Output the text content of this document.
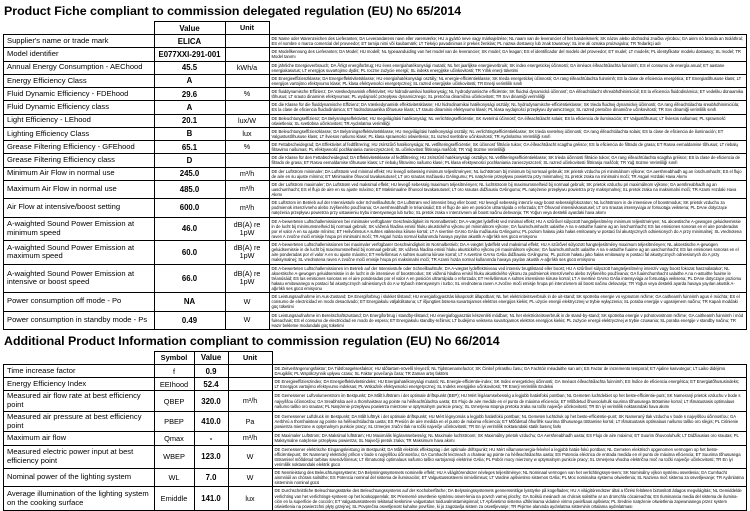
Product Fiche compliant to commission delegated regulation (EU) No 65/2014
	Value	Unit	
Supplier's name or trade mark	ELICA		DE Name oder Warenzeichen des Lieferanten; DA Leverandørens navn eller varemærke; HU a gyártó neve vagy márkajelzése; NL naam van de leverancier of het handelsmerk; SK názov alebo obchodná značka výrobcu; GA ainm nó branda an tsoláthraí; ES el nombre o marca comercial del proveedor; ET tarnija nimi või kaubamärk; LT Tiekėjo pavadinimas ir prekės ženklas; PL nazwa dostawcy lub znak towarowy; SL ime ali oznaka proizvajalca; TR Tedarikçi adı
Model identifier	E077XXI-291-001		DE Modellkennung des Lieferanten; DA Model; HU modell; NL typeaanduiding van het model van de leverancier; SK model; GA leagan; ES el identificador del modelo del proveedor; ET mudel; LT modelis; PL identyfikator modelu dostawcy; SL model; TR Model tanımı
Annual Energy Consumption - AEChood	45.5	kWh/a	DE jährliche Energieverbrauch; DA Årligt energiforbrug; HU éves energiahatékonysági mutató; NL het jaarlijkse energieverbruik; SK index energetickej účinnosti; GA innéacs éifeachtúlachta fuinnimh; ES el consumo de energía anual; ET aastane energiakasutus; LT energijos suvartojimo dydis; PL roczne zużycie energii; SL indeks energijske učinkovitosti; TR Yıllık enerji tüketimi
Energy Efficiency Class	A		DE Energieeffizienzklasse; DA Energieffektivitetsklasse; HU energiahatékonysági osztály; NL energie-efficiëntieklasse; SK trieda energetickej účinnosti; GA rang éifeachtúlachta fuinnimh; ES la clase de eficiencia energética; ET Energiatõhususe klass; LT energijos vartojimo efektyvumo klasė; PL klasa efektywności energetycznej; SL razred energijske učinkovitosti; TR Enerji verimlilik sınıfı
Fluid Dynamic Efficiency - FDEhood	29.6	%	DE fluiddynamische Effizienz; DA Væskedynamisk effektivitet; HU hidrodinamikai hatékonyság; NL hydrodynamische efficiëntie; SK fluidná dynamická účinnosť; GA éifeachtúlacht shreabhdhinimiciúil; ES la eficiencia fluidodinámica; ET vedeliku dünaamika tõhusus; LT srauto dinaminis efektyvumas; PL wydajność przepływu dynamicznego; SL pretočna dinamična učinkovitost; TR Sıvı dinamiği verimliliği
Fluid Dynamic Efficiency class	A		DE die Klasse für die fluiddynamische Effizienz; DA Væskedynamisk effektivitetsklasse; HU hidrodinamikai hatékonysági osztály; NL hydrodynamische-efficiëntieklasse; SK trieda fluidnej dynamickej účinnosti; GA rang éifeachtúlachta sreabhdhinimiciúla; ES la clase de eficiencia fluidodinámica; ET hüdrodünaamika tõhususe klass; LT srauto dinaminio efektyvumo klasė; PL klasa wydajności przepływu dynamicznego; SL razred pretočne dinamične učinkovitosti; TR Sıvı dinamiği verimlilik sınıfı
Light Efficiency - LEhood	20.1	lux/W	DE Beleuchtungseffizienz; DA Belysningseffektivitet; HU megvilágítási hatékonyság; NL verlichtingsefficiëntie; SK svetelná účinnosť; GA éifeachtúlacht solais; ES la eficiencia de iluminación; ET Valgustõhusus; LT šviesos našumas; PL sprawność oświetlenia; SL svetlobna učinkovitost; TR Aydınlatma verimliliği
Lighting Efficiency Class	B	lux	DE Beleuchtungseffizienzklasse; DA Belysningseffektivitetsklasse; HU megvilágítási hatékonysági osztály; NL verlichtingsefficiëntieklasse; SK trieda svetelnej účinnosti; GA rang éifeachtúlachta solais; ES la clase de eficiencia de iluminación; ET Valgustustõhususe klass; LT šviesos našumo klasė; PL klasa sprawności oświetlenia; SL razred svetlobne učinkovitosti; TR Aydınlatma Verimliliği sınıfı
Grease Filtering Efficiency - GFEhood	65.1	%	DE Fettabscheidegrad; DA Effektivitet af fedtfiltrering; HU zsírszűrő hatékonysága; NL vetfilteringsefficiëntie; SK účinnosť filtrácie tukov; GA éifeachtúlacht scagtha gréisce; ES la eficiencia de filtrado de grasa; ET Rasva eemaldamise tõhusus; LT riebalų filtravimo našumas; PL efektywność pochłaniania zanieczyszczeń; SL učinkovitost filtriranja maščob; TR Yağ Süzme Verimliliği
Grease Filtering Efficiency class	D		DE die Klasse für den Fettabscheidegrad; DA Effektivitetsklasse af fedtfiltrering; HU zsírszűrő hatékonysági osztálya; NL vetfilteringsefficiëntieklasse; SK trieda účinnosti filtrácie tukov; GA rang éifeachtúlachta scagtha gréisce; ES la clase de eficiencia de filtrado de grasa; ET Rasva eemaldamise tõhususe klass; LT riebalų filtravimo našumo klasė; PL klasa efektywności pochłaniania zanieczyszczeń; SL razred učinkovitosti filtriranja maščob; TR Yağ Süzme Verimliliği sınıfı
Minimum Air Flow in normal use	245.0	m³/h	DE der Luftstrom minimaler; DA Luftstrøm ved minimal effekt; HU levegő sebesség minimum teljesítményen; NL luchtstroom bij minimum bij normaal gebruik; SK prietok vzduchu pri minimálnom výkone; GA aershreabhadh ag an íoschumhacht; ES el flujo de aire en su ajuste mínimo; ET Minimaalne õhuvool tavakasutusel; LT oro srautas mažiausiu GAlingumu; PL natężenie przepływu powietrza przy minimalnej; SL pretok zraka na minimalni moči; TR Asgari Hızdaki Hava Akımı
Maximum Air Flow in normal use	485.0	m³/h	DE der Luftstrom maximaler; DA Luftstrøm ved maksimal effekt; HU levegő sebesség maximum teljesítményen; NL luchtstroom bij maximumsnelheid bij normaal gebruik; SK prietok vzduchu pri maximálnom výkone; GA aershreabhadh ag an uaschumhacht; ES el flujo de aire en su ajuste máximo; ET Maksimaalne õhuvool tavakasutusel; LT oro srautas didžiausiu GAlingumu; PL natężenie przepływu powietrza przy maksymalnej; SL pretok zraka na maksimalni moči; TR Azami Hızdaki Hava Akımı
Air Flow at intensive/boost setting	600.0	m³/h	DE Luftstrom im Betrieb auf der Intensivstufe oder Schnelllaufstufe; DA Luftstrøm ved intensivt brug eller boost; HU levegő sebesség intenzív vagy boost sebességfokozaton; NL luchtstroom in de intensieve of boostmodus; SK prietok vzduchu za podmienok intenzívneho alebo zvýšeného používania; GA aershreabhadh le tréanúsáid; ES el flujo de aire en posición ultrarrápida o reforzada; ET Õhuvool intensiivkasutusel; LT oro srautas intensyviąja ar forsuotąja veiksena; PL DAne dotyczące natężenia przepływu powietrza przy ustawieniu trybu intensywnego lub turbo; SL pretok zraka v intenzivnem ali boost načinu delovanja; TR Yoğun veya destekli ayardaki hava akımı
A-waighted Sound Power Emission at minimum speed	46.0	dB(A) re 1pW	DE A-bewerteten Luftschallemissionen bei minimaler verfügbarer Geschwindigkeit im Normalbetrieb; DA A-vægtet lydeffekt ved minimal effekt; HU A szűrővel súlyozott hangteljesítmény minimum teljesítményen; NL akoestische A-gewogen geluidsemissie in de lucht bij minimumsnelheid bij normaal gebruik; SK vážená hladina emisií hluku akustického výkonu pri minimálnom výkone; GA fuaimchumhacht ualaithe A na n-astuithe fuaime ag an íoschumhacht; ES las emisiones sonoras en el aire ponderadas por el valor A en su ajuste mínimo; ET Helivõimsus A suhtes väikseima kiiruse korral; LT A svertinė GArso GAlia mažiausiu GAlingumu; PL poziom hałasu jako hałas emitowany w postaci fal akustycznych odniesionych do A przy minimalnej; SL vrednotena raven A zvočne moči emisije hrupa pri minimalni moči; TR Asgari hızda normal kullanımda havaya yayılan akustik A-ağırlıklı ses gücü emisyonu
A-waighted Sound Power Emission at maximum speed	60.0	dB(A) re 1pW	DE A-bewerteten Luftschallemissionen bei maximaler verfügbarer Geschwindigkeit im Normalbetrieb; DA A-vægtet lydeffekt ved maksimal effekt; HU A szűrővel súlyozott hangteljesítmény maximum teljesítményen; NL akoestische A-gewogen geluidsemissie in de lucht bij maximumsnelheid bij normaal gebruik; SK vážená hladina emisií hluku akustického výkonu pri maximálnom výkone; GA fuaimchumhacht ualaithe A na n-astuithe fuaime ag an uaschumhacht; ES las emisiones sonoras en el aire ponderadas por el valor A en su ajuste máximo; ET Helivõimsus A suhtes suurima kiiruse korral; LT A svertinė GArso GAlia didžiausiu GAlingumu; PL poziom hałasu jako hałas emitowany w postaci fal akustycznych odniesionych do A przy maksymalnej; SL vrednotena raven A zvočne moči emisije hrupa pri maksimalni moči; TR Azami hızda normal kullanımda havaya yayılan akustik A-ağırlıklı ses gücü emisyonu
A-waighted Sound Power Emission at intensive or boost speed	66.0	dB(A) re 1pW	DE A-bewerteten Luftschallemissionen im Betrieb auf der Intensivstufe oder Schnelllaufstufe; DA A-vægtet lydeffektniveau ved intensiv brugtilstand eller boost; HU A szűrővel súlyozott hangteljesítmény intenzív vagy boost fokozat használatakor; NL akoestische A-gewogen geluidsemissie in de lucht in de intensieve of boostmodus; SK vážená hladina emisií hluku akustického výkonu za podmienok intenzívneho alebo zvýšeného používania; GA fuaimchumhacht ualaithe A na n-astuithe fuaime le tréanúsáid; ES las emisiones sonoras en el aire ponderadas por el valor A en posición ultrarrápida o reforzada; ET Helivõimsus A suhtes intensiivse kiiruse korral; LT A svertinė GArso GAlia intensyviąja ar forsuotąja veiksena; PL DAne dotyczące poziomu hałasu emitowanego w postaci fal akustycznych odniesionych do A w trybach intensywnym i turbo; SL vrednotena raven A zvočne moči emisije hrupa pri intenzivnem ali boost načinu delovanja; TR Yoğun veya destekli ayarda havaya yayılan akustik A-ağırlıklı ses gücü emisyonu
Power consumption off mode - Po	NA	W	DE Leistungsaufnahme im Aus-Zustand; DA Energiforbrug i slukket tilstand; HU energiafogyasztás kikapcsolt állapotban; NL het elektriciteitsverbruik in de uit-stand; SK spotreba energie vo vypnutom režime; GA caitheamh fuinnimh agus é múchta; ES el consumo de electricidad en modo desactivado; ET Energiakulu väljalülitatuna; LT išjungties būsena suvartojamos elektros energijos kiekis; PL użycie energii elektrycznej w trybie wyłączenia; SL poraba energije v ugasnjenem načinu; TR Kapalı moddaki güç tüketimi
Power consumption in standby mode - Ps	0.49	W	DE Leistungsaufnahme im Bereitschaftszustand; DA Energiforbrug i standby-tilstand; HU energiafogyasztás készenléti módban; NL het elektriciteitsverbruik in de stand-by-stand; SK spotreba energie v pohotovostnom režime; GA caitheamh fuinnimh i mód fuireachais; ES el consumo de electricidad en modo de espera; ET Energiakulu standby-režiimis; LT budėjimo veiksena suvartojamos elektros energijos kiekis; PL zużycie energii elektrycznej w trybie czuwania; SL poraba energije v standby načinu; TR Hazır bekleme modundaki güç tüketimi
Additional Product Information compliant to commission regulation (EU) No 66/2014
	Symbol	Value	Unit	
Time increase factor	f	0.9		DE Zeitverlängerungsfaktor; DA Tidsforøgelsesfaktor; HU Időtartam-növelő tényező; NL Tijdstoenamefactor; SK Činiteľ prírastku času; GA Fachtóir méadaithe san am; ES Factor de incremento temporal; ET Ajaline kasvutegur; LT Laiko didėjimo DAugiklis; PL Współczynnik upływu czasu; SL Faktor povečanja časa; TR Zaman artış faktörü
Energy Efficiency Index	EEIhood	52.4		DE Energieeffizienzindex; DA Energieffektivitetsindeks; HU Energiahatékonysági mutató; NL Energie-efficiëntie-index; SK Index energetickej účinnosti; GA Innéacs éifeachtúlachta fuinnimh; ES Índice de eficiencia energética; ET Energiatõhususindeks; LT Energijos vartojimo efektyvumo indeksas; PL Wskaźnik efektywności energetycznej; SL Indeks energijske učinkovitosti; TR Enerji Verimlilik Endeksi
Measured air flow rate at best efficiency point	QBEP	320.0	m³/h	DE Gemessener Luftvolumenstrom im Bestpunkt; DA Målt luftstrøm i det optimale driftspunkt (BEP); HU Mért légáramsebesség a legjobb hatásfokú pontban; NL Gemeten luchtdebiet op het beste-efficiëntie-punt; SK Nameraný prietok vzduchu v bode s najvyššou účinnosťou; GA Sreabhráta aeir a thomhaistear ag pointe na héifeachtúlachta uasta; ES Flujo de aire medido en el punto de máxima eficiencia; ET Mõõdetud õhuvooluhulk suurima tõhususega töötamise korral; LT Išmatuotasis optimalaus našumo taško oro srautas; PL Natężenie przepływu powietrza mierzone w optymalnym punkcie pracy; SL Izmerjena stopnja pretoka zraka na točki največje učinkovitosti; TR En iyi verimlilik noktasındaki hava akımı
Measured air pressure at best efficiency point	PBEP	410.0	Pa	DE Gemessener Luftdruck im Bestpunkt; DA Målt lufttryk i det optimale driftspunkt; HU Mért légnyomás a legjobb hatásfokú pontban; NL Gemeten luchtdruk op het beste-efficiëntie-punt; SK Nameraný tlak vzduchu v bode s najvyššou účinnosťou; GA Aerbhrú a thomhaistear ag pointe na héifeachtúlachta uasta; ES Presión de aire medida en el punto de máxima eficiencia; ET Mõõdetud õhurõhk suurima tõhususega töötamise korral; LT Išmatuotasis optimalaus našumo taško oro slėgis; PL Ciśnienie powietrza mierzone w optymalnym punkcie pracy; SL Izmerjen zračni tlak na točki največje učinkovitosti; TR En iyi verimlilik noktasındaki statik basınç farkı
Maximum air flow	Qmax	-	m³/h	DE Maximaler Luftstrom; DA Maksimal luftstrøm; HU Maximális légáramsebesség; NL Maximale luchtstroom; SK Maximálny prietok vzduchu; GA Aershreabhadh uasta; ES Flujo de aire máximo; ET Suurim õhuvooluhulk; LT Didžiausias oro srautas; PL Maksymalne natężenie przepływu powietrza; SL Največji pretok zraka; TR Maksimum hava akımı
Measured electric power input at best efficiency point	WBEP	123.0	W	DE Gemessener elektrische Eingangsleistung im Bestpunkt; DA Målt elektrisk effektoptag i det optimale driftspunkt; HU Mért villamosenergia-felvétel a legjobb hatás-fokú pontban; NL Gemeten elektrisch opgenomen vermogen op het beste-efficiëntiepunt; SK Nameraný elektrický príkon v bode s najvyššou účinnosťou; GA Cumhacht leictreach a chaitear ag pointe na héifeachtúlachta uasta; ES Potencia eléctrica de entrada medida en el punto de máxima eficiencia; ET Suurima tõhususega töötamisel mõõdetud tarbitav sisendvõimsus; LT Išmatuotoji optimalaus našumo taško vartojamoji elektrinė GAlia; PL Pobór mocy mierzony w optymalnym punkcie pracy; SL Izmerjena vhodna električna moč na točki največje učinkovitosti; TR En iyi verimlilik noktasındaki elektrik gücü
Nominal power of the lighting system	WL	7.0	W	DE Nennleistung des Beleuchtungssystems; DA Belysningssystemets nominelle effekt; HU A világítórendszer névleges teljesítménye; NL Nominaal vermogen van het verlichtingssys-teem; SK Nominálny výkon systému osvetlenia; GA Cumhacht ainmniúil an chórais soilsithe; ES Potencia nominal del sistema de iluminación; ET Valgustussüsteemi nimivõimsus; LT Vardinė apšvietimo sistemos GAlia; PL Moc nominalna systemu oświetlenia; SL Nazivna moč sistema za osvetljevanje; TR Aydınlatma sisteminin nominal gücü
Average illumination of the lighting system on the cooking surface	Emiddle	141.0	lux	DE Durchschnittliche Beleuchtungsstärke des Beleuchtungssystems auf der Kochoberfläche; DA Belysningssystemets gennemsnitlige lysstyrke på kogefladen; HU A világítórendszer által a főzési felületen biztosított átlagos megvilágítás; NL Gemiddelde verlichting van het verlichtings-systeem op het kookoppervlak; SK Priemerné osvetlenie systému osvet-lenia na povrch varnej plochy; GA Soilsiú meánach an chórais soilsithe ar an dromchla cócaireachta; ES Iluminancia media del sistema de ilumina-ción en la superficie de cocción; ET Valgustussüsteemi tekitatud keskmine valgustatus toiduvalmistamispinnal; LT Apšvietimo sistema užtikrinama vidutinė virimo paviršiaus apšvieta; PL Średnie natężenie oświetlenia zapewnianego przez system oświetlenia na powierzchni płyty grzejnej; SL Povprečna osvetljenost kuhalne površine, ki jo zagotavlja sistem za osvetljevanje; TR Pişirme alanında aydınlatma sisteminin ortalama aydınlatması
